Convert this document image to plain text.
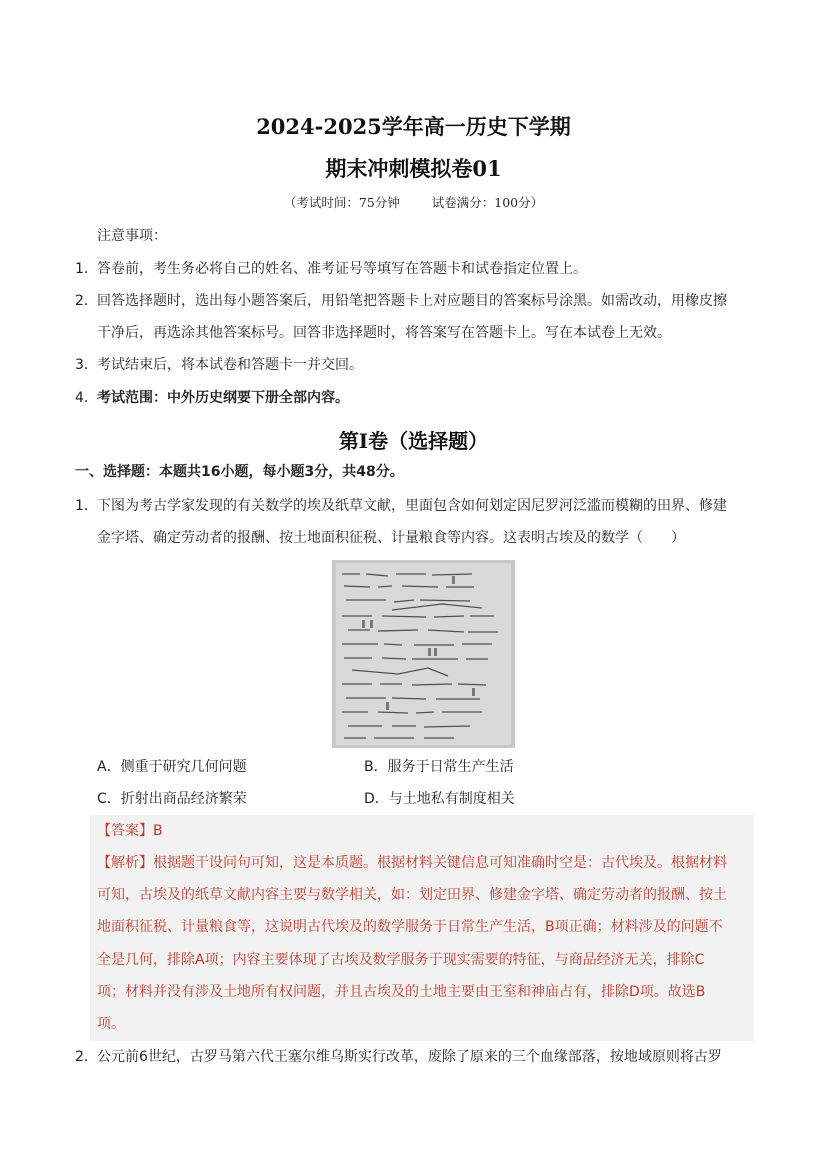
2024-2025学年高一历史下学期
期末冲刺模拟卷01
（考试时间：75分钟	试卷满分：100分）
注意事项：
1． 答卷前，考生务必将自己的姓名、准考证号等填写在答题卡和试卷指定位置上。
2． 回答选择题时，选出每小题答案后，用铅笔把答题卡上对应题目的答案标号涂黑。如需改动，用橡皮擦
干净后，再选涂其他答案标号。回答非选择题时，将答案写在答题卡上。写在本试卷上无效。
3． 考试结束后，将本试卷和答题卡一并交回。
4． 考试范围：中外历史纲要下册全部内容。
第Ⅰ卷（选择题）
一、选择题：本题共16小题，每小题3分，共48分。
1． 下图为考古学家发现的有关数学的埃及纸草文献，里面包含如何划定因尼罗河泛滥而模糊的田界、修建
金字塔、确定劳动者的报酬、按土地面积征税、计量粮食等内容。这表明古埃及的数学（　　）
A．侧重于研究几何问题	B．服务于日常生产生活
C．折射出商品经济繁荣	D．与土地私有制度相关
【答案】B
【解析】根据题干设问句可知，这是本质题。根据材料关键信息可知准确时空是：古代埃及。根据材料
可知，古埃及的纸草文献内容主要与数学相关，如：划定田界、修建金字塔、确定劳动者的报酬、按土
地面积征税、计量粮食等，这说明古代埃及的数学服务于日常生产生活，B项正确；材料涉及的问题不
全是几何，排除A项；内容主要体现了古埃及数学服务于现实需要的特征，与商品经济无关，排除C
项；材料并没有涉及土地所有权问题，并且古埃及的土地主要由王室和神庙占有，排除D项。故选B
项。
2． 公元前6世纪，古罗马第六代王塞尔维乌斯实行改革，废除了原来的三个血缘部落，按地域原则将古罗
